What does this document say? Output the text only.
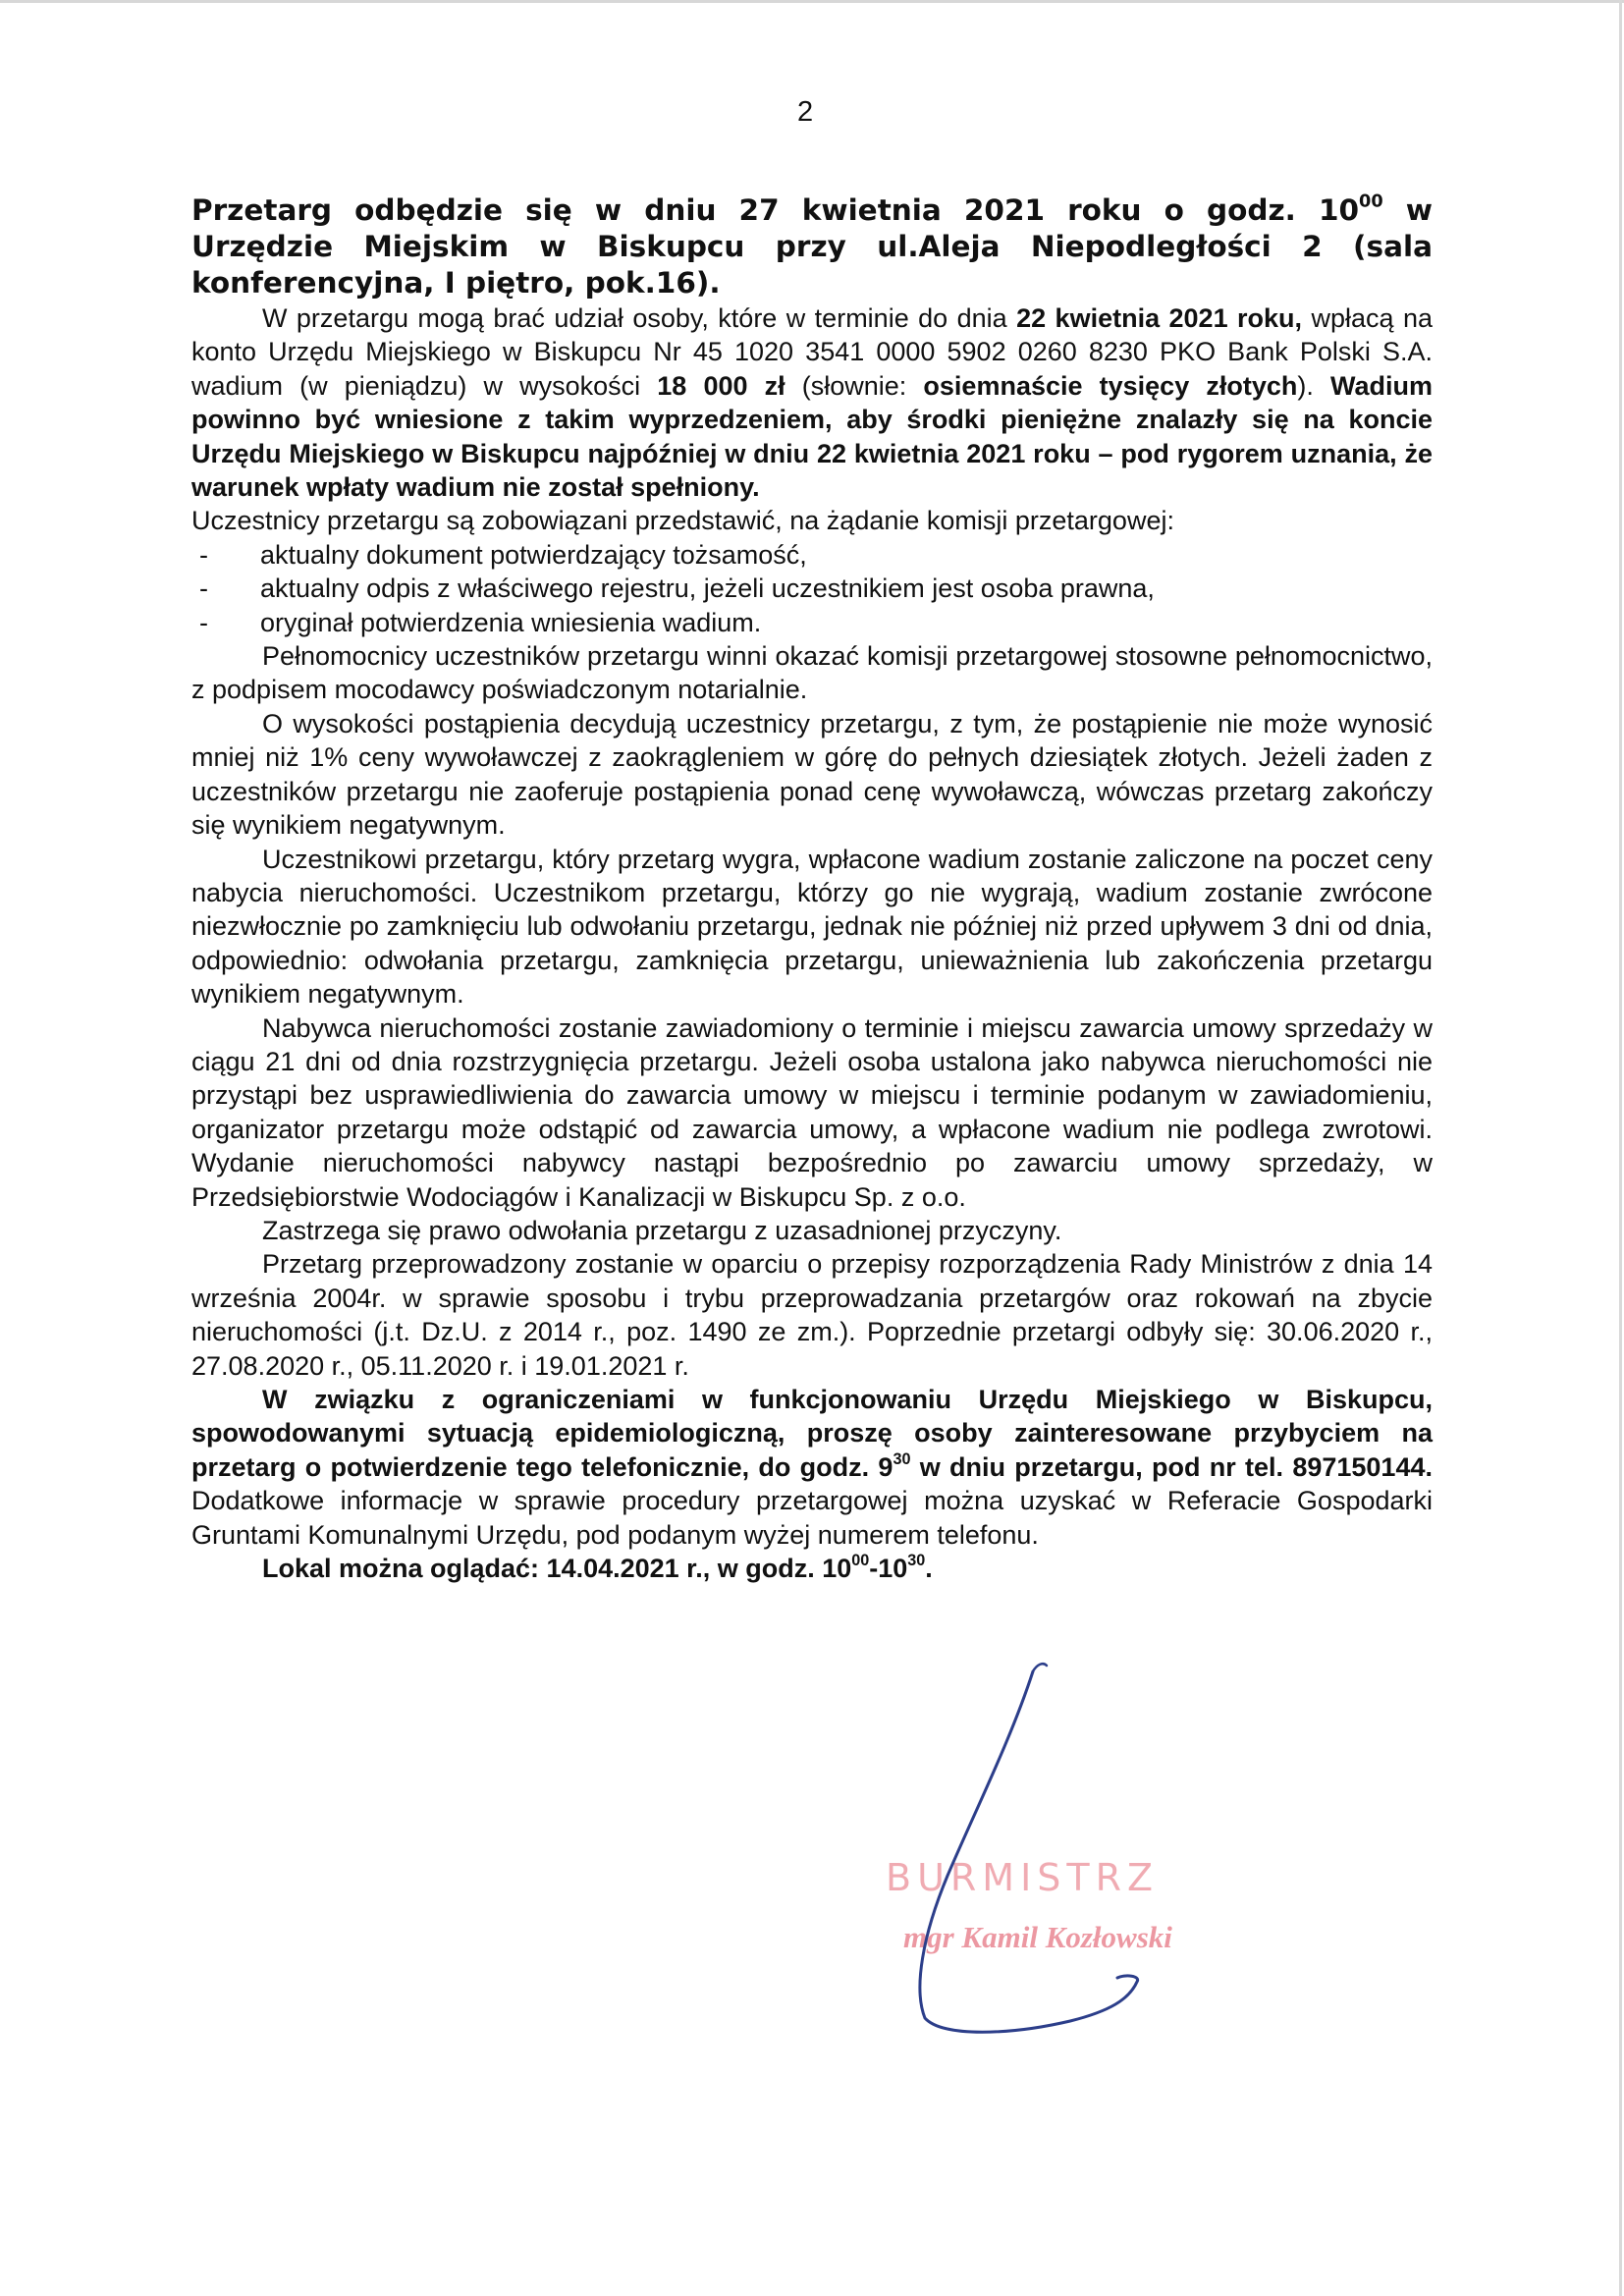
2

Przetarg odbędzie się w dniu 27 kwietnia 2021 roku o godz. $10^{00}$ w Urzędzie Miejskim w Biskupcu przy ul.Aleja Niepodległości 2 (sala konferencyjna, I piętro, pok.16).

W przetargu mogą brać udział osoby, które w terminie do dnia 22 kwietnia 2021 roku, wpłacą na konto Urzędu Miejskiego w Biskupcu Nr 45 1020 3541 0000 5902 0260 8230 PKO Bank Polski S.A. wadium (w pieniądzu) w wysokości 18 000 zł (słownie: osiemnaście tysięcy złotych). Wadium powinno być wniesione z takim wyprzedzeniem, aby środki pieniężne znalazły się na koncie Urzędu Miejskiego w Biskupcu najpóźniej w dniu 22 kwietnia 2021 roku – pod rygorem uznania, że warunek wpłaty wadium nie został spełniony.

Uczestnicy przetargu są zobowiązani przedstawić, na żądanie komisji przetargowej:

- aktualny dokument potwierdzający tożsamość,
- aktualny odpis z właściwego rejestru, jeżeli uczestnikiem jest osoba prawna,
- oryginał potwierdzenia wniesienia wadium.

Pełnomocnicy uczestników przetargu winni okazać komisji przetargowej stosowne pełnomocnictwo, z podpisem mocodawcy poświadczonym notarialnie.

O wysokości postąpienia decydują uczestnicy przetargu, z tym, że postąpienie nie może wynosić mniej niż 1% ceny wywoławczej z zaokrągleniem w górę do pełnych dziesiątek złotych. Jeżeli żaden z uczestników przetargu nie zaoferuje postąpienia ponad cenę wywoławczą, wówczas przetarg zakończy się wynikiem negatywnym.

Uczestnikowi przetargu, który przetarg wygra, wpłacone wadium zostanie zaliczone na poczet ceny nabycia nieruchomości. Uczestnikom przetargu, którzy go nie wygrają, wadium zostanie zwrócone niezwłocznie po zamknięciu lub odwołaniu przetargu, jednak nie później niż przed upływem 3 dni od dnia, odpowiednio: odwołania przetargu, zamknięcia przetargu, unieważnienia lub zakończenia przetargu wynikiem negatywnym.

Nabywca nieruchomości zostanie zawiadomiony o terminie i miejscu zawarcia umowy sprzedaży w ciągu 21 dni od dnia rozstrzygnięcia przetargu. Jeżeli osoba ustalona jako nabywca nieruchomości nie przystąpi bez usprawiedliwienia do zawarcia umowy w miejscu i terminie podanym w zawiadomieniu, organizator przetargu może odstąpić od zawarcia umowy, a wpłacone wadium nie podlega zwrotowi. Wydanie nieruchomości nabywcy nastąpi bezpośrednio po zawarciu umowy sprzedaży, w Przedsiębiorstwie Wodociągów i Kanalizacji w Biskupcu Sp. z o.o.

Zastrzega się prawo odwołania przetargu z uzasadnionej przyczyny.

Przetarg przeprowadzony zostanie w oparciu o przepisy rozporządzenia Rady Ministrów z dnia 14 września 2004r. w sprawie sposobu i trybu przeprowadzania przetargów oraz rokowań na zbycie nieruchomości (j.t. Dz.U. z 2014 r., poz. 1490 ze zm.). Poprzednie przetargi odbyły się: 30.06.2020 r., 27.08.2020 r., 05.11.2020 r. i 19.01.2021 r.

W związku z ograniczeniami w funkcjonowaniu Urzędu Miejskiego w Biskupcu, spowodowanymi sytuacją epidemiologiczną, proszę osoby zainteresowane przybyciem na przetarg o potwierdzenie tego telefonicznie, do godz. $9^{30}$ w dniu przetargu, pod nr tel. 897150144. Dodatkowe informacje w sprawie procedury przetargowej można uzyskać w Referacie Gospodarki Gruntami Komunalnymi Urzędu, pod podanym wyżej numerem telefonu.

Lokal można oglądać: 14.04.2021 r., w godz. $10^{00}-10^{30}$.

BURMISTRZ
mgr Kamil Kozłowski
